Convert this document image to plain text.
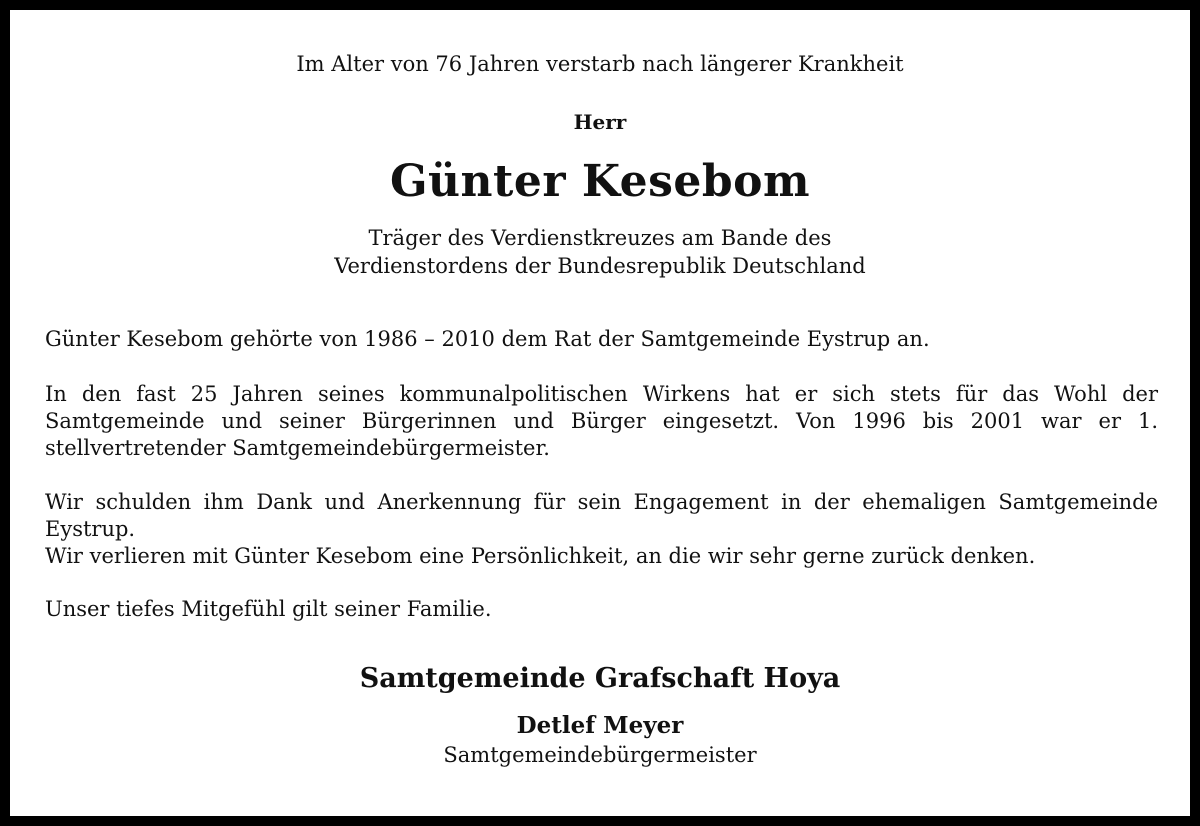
Im Alter von 76 Jahren verstarb nach längerer Krankheit

Herr

Günter Kesebom

Träger des Verdienstkreuzes am Bande des
Verdienstordens der Bundesrepublik Deutschland

Günter Kesebom gehörte von 1986 – 2010 dem Rat der Samtgemeinde Eystrup an.

In den fast 25 Jahren seines kommunalpolitischen Wirkens hat er sich stets für das Wohl der Samtgemeinde und seiner Bürgerinnen und Bürger eingesetzt. Von 1996 bis 2001 war er 1. stellvertretender Samtgemeindebürgermeister.

Wir schulden ihm Dank und Anerkennung für sein Engagement in der ehemaligen Samtgemeinde Eystrup.
Wir verlieren mit Günter Kesebom eine Persönlichkeit, an die wir sehr gerne zurück denken.

Unser tiefes Mitgefühl gilt seiner Familie.

Samtgemeinde Grafschaft Hoya

Detlef Meyer

Samtgemeindebürgermeister
